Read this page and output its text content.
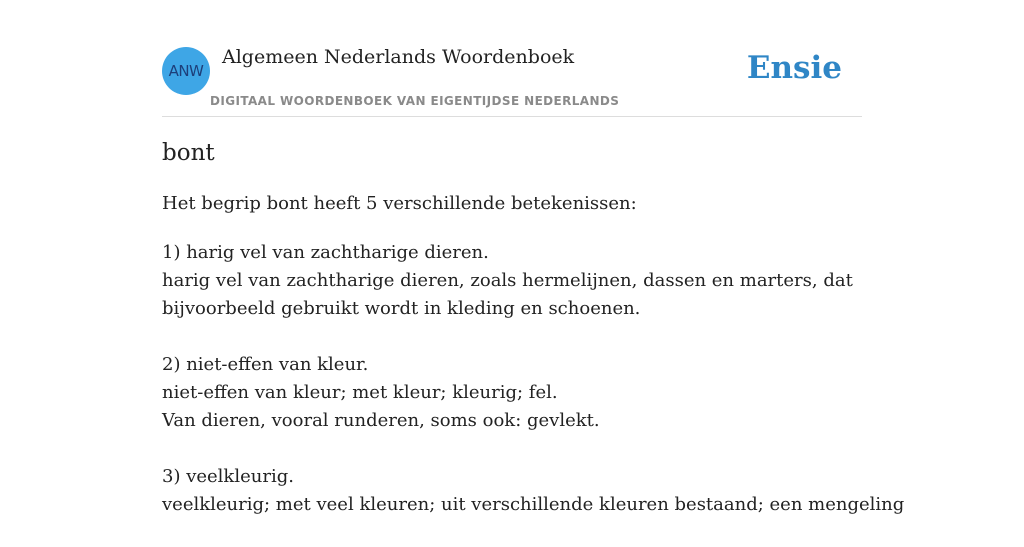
ANW
Algemeen Nederlands Woordenboek
DIGITAAL WOORDENBOEK VAN EIGENTIJDSE NEDERLANDS
Ensie
bont
Het begrip bont heeft 5 verschillende betekenissen:
1) harig vel van zachtharige dieren.
harig vel van zachtharige dieren, zoals hermelijnen, dassen en marters, dat
bijvoorbeeld gebruikt wordt in kleding en schoenen.
2) niet-effen van kleur.
niet-effen van kleur; met kleur; kleurig; fel.
Van dieren, vooral runderen, soms ook: gevlekt.
3) veelkleurig.
veelkleurig; met veel kleuren; uit verschillende kleuren bestaand; een mengeling
